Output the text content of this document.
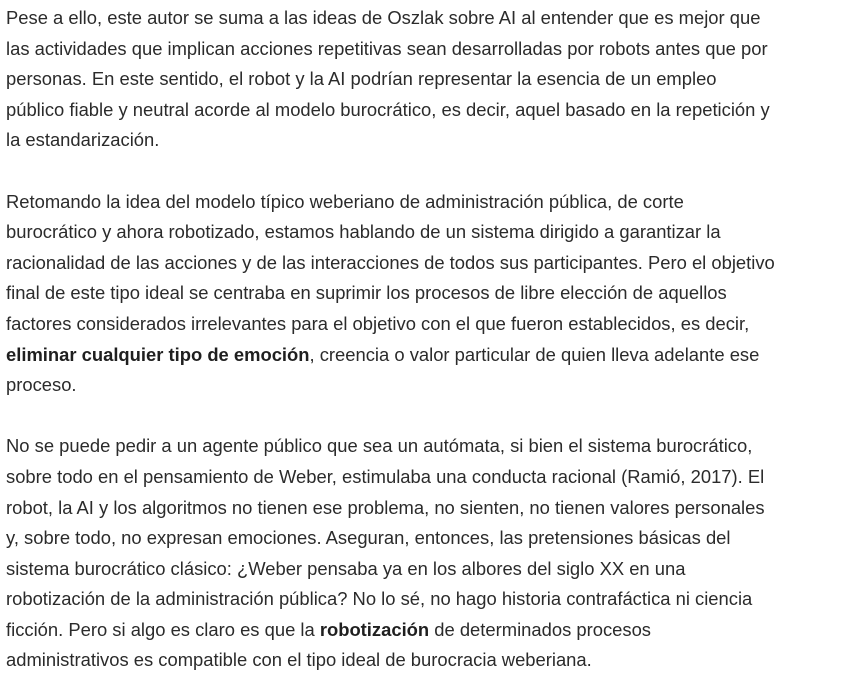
Pese a ello, este autor se suma a las ideas de Oszlak sobre AI al entender que es mejor que las actividades que implican acciones repetitivas sean desarrolladas por robots antes que por personas. En este sentido, el robot y la AI podrían representar la esencia de un empleo público fiable y neutral acorde al modelo burocrático, es decir, aquel basado en la repetición y la estandarización.

Retomando la idea del modelo típico weberiano de administración pública, de corte burocrático y ahora robotizado, estamos hablando de un sistema dirigido a garantizar la racionalidad de las acciones y de las interacciones de todos sus participantes. Pero el objetivo final de este tipo ideal se centraba en suprimir los procesos de libre elección de aquellos factores considerados irrelevantes para el objetivo con el que fueron establecidos, es decir, eliminar cualquier tipo de emoción, creencia o valor particular de quien lleva adelante ese proceso.

No se puede pedir a un agente público que sea un autómata, si bien el sistema burocrático, sobre todo en el pensamiento de Weber, estimulaba una conducta racional (Ramió, 2017). El robot, la AI y los algoritmos no tienen ese problema, no sienten, no tienen valores personales y, sobre todo, no expresan emociones. Aseguran, entonces, las pretensiones básicas del sistema burocrático clásico: ¿Weber pensaba ya en los albores del siglo XX en una robotización de la administración pública? No lo sé, no hago historia contrafáctica ni ciencia ficción. Pero si algo es claro es que la robotización de determinados procesos administrativos es compatible con el tipo ideal de burocracia weberiana.
